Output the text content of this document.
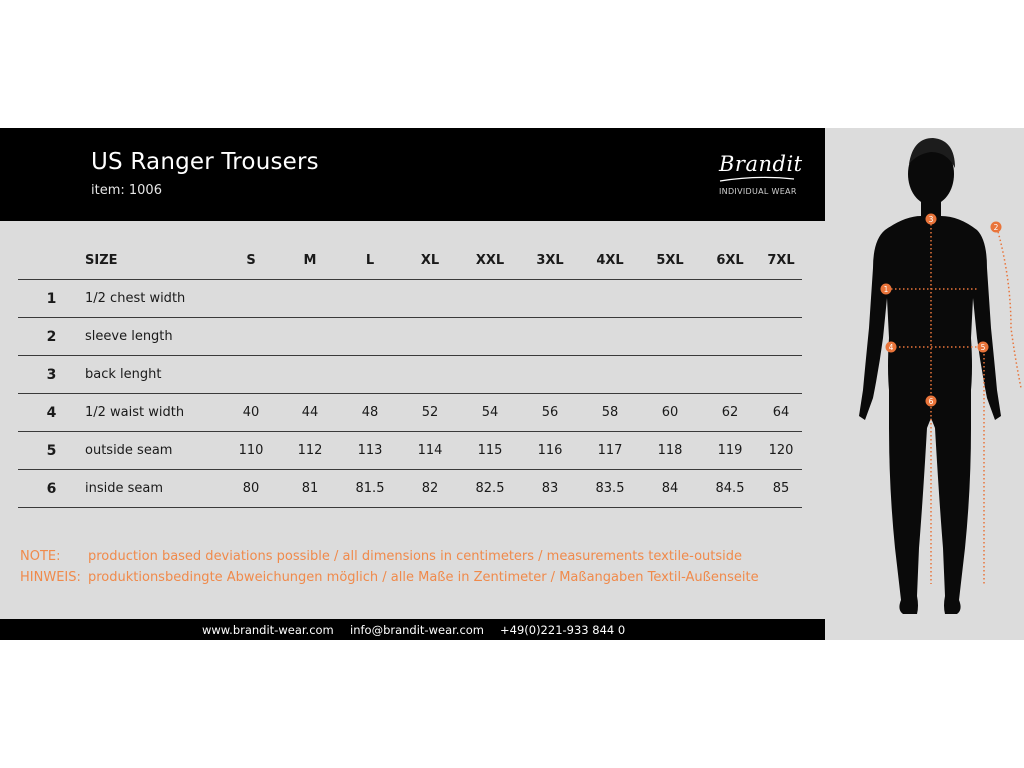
US Ranger Trousers
item: 1006
Brandit
INDIVIDUAL WEAR
	SIZE	S	M	L	XL	XXL	3XL	4XL	5XL	6XL	7XL
1	1/2 chest width										
2	sleeve length										
3	back lenght										
4	1/2 waist width	40	44	48	52	54	56	58	60	62	64
5	outside seam	110	112	113	114	115	116	117	118	119	120
6	inside seam	80	81	81.5	82	82.5	83	83.5	84	84.5	85
NOTE: production based deviations possible / all dimensions in centimeters / measurements textile-outside
HINWEIS: produktionsbedingte Abweichungen möglich / alle Maße in Zentimeter / Maßangaben Textil-Außenseite
www.brandit-wear.com info@brandit-wear.com +49(0)221-933 844 0
1
2
3
4	5
6
